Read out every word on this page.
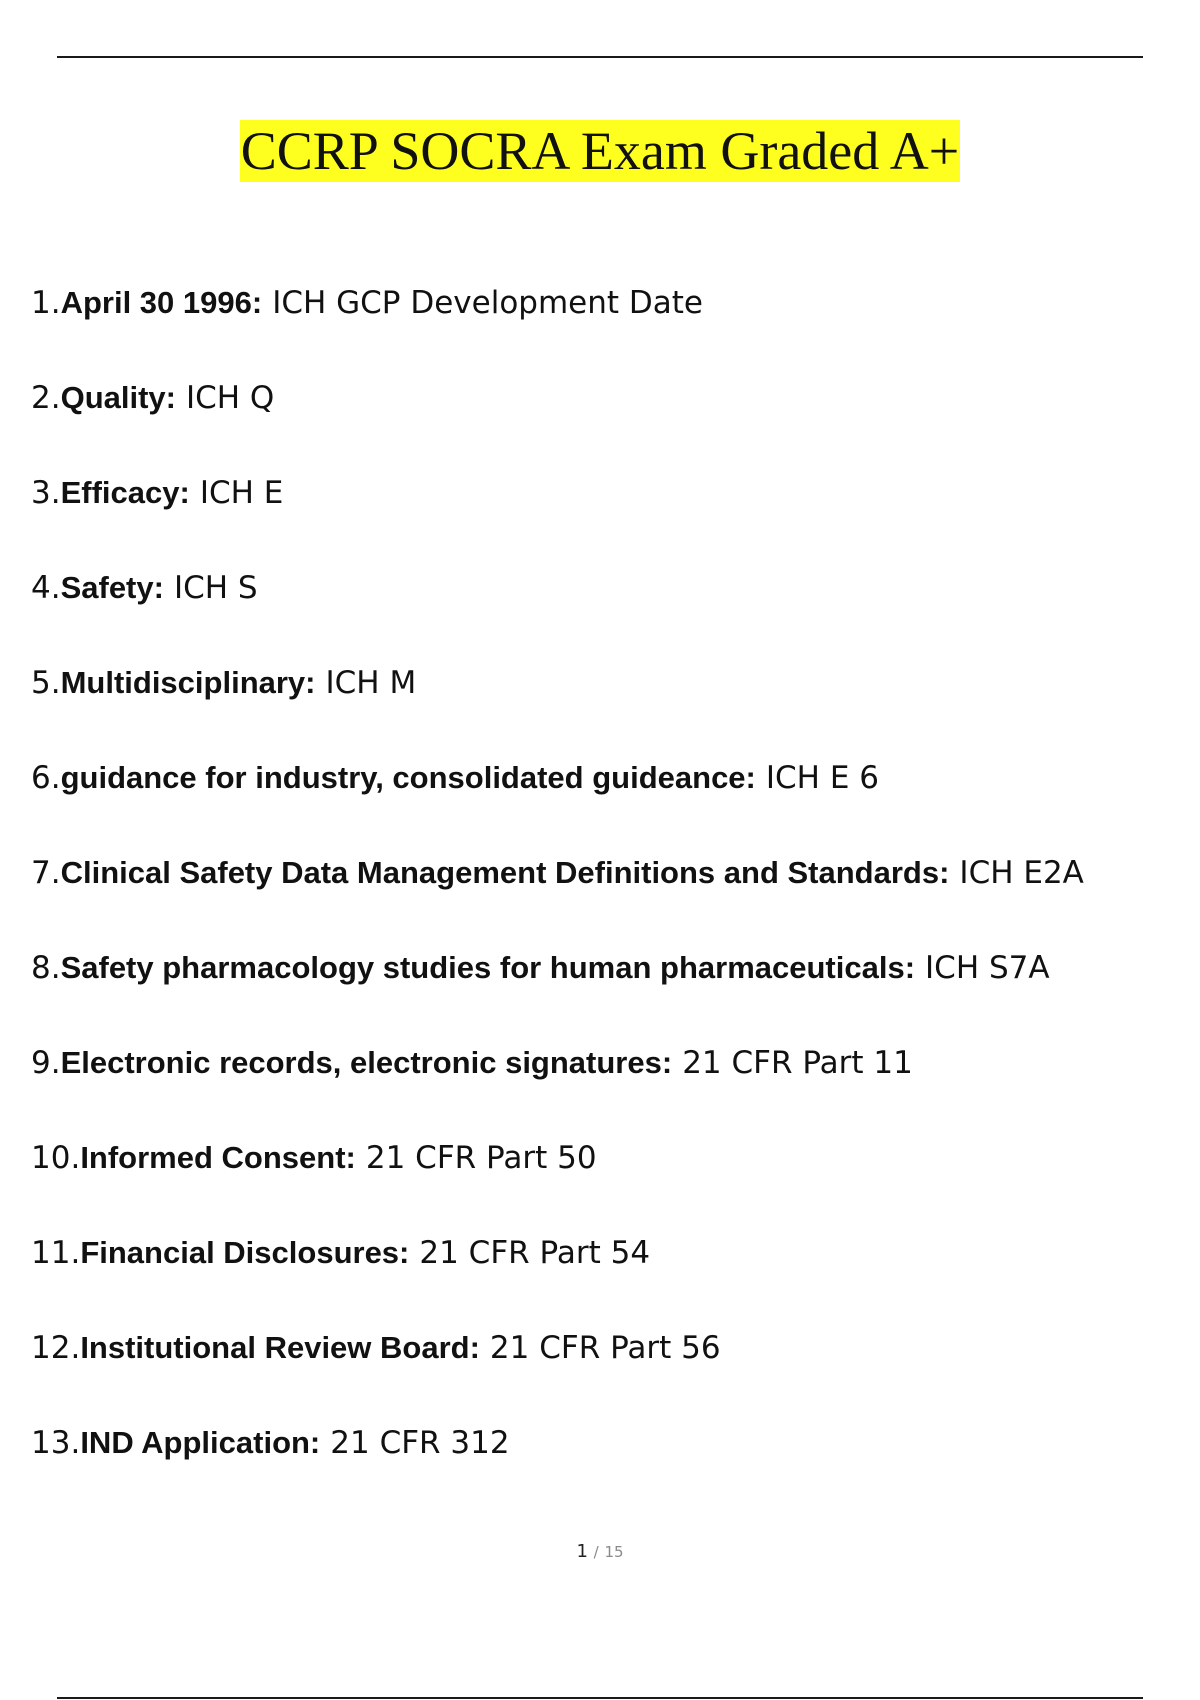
CCRP SOCRA Exam Graded A+
1. April 30 1996: ICH GCP Development Date
2. Quality: ICH Q
3. Efficacy: ICH E
4. Safety: ICH S
5. Multidisciplinary: ICH M
6. guidance for industry, consolidated guideance: ICH E 6
7. Clinical Safety Data Management Definitions and Standards: ICH E2A
8. Safety pharmacology studies for human pharmaceuticals: ICH S7A
9. Electronic records, electronic signatures: 21 CFR Part 11
10. Informed Consent: 21 CFR Part 50
11. Financial Disclosures: 21 CFR Part 54
12. Institutional Review Board: 21 CFR Part 56
13. IND Application: 21 CFR 312
1 / 15
